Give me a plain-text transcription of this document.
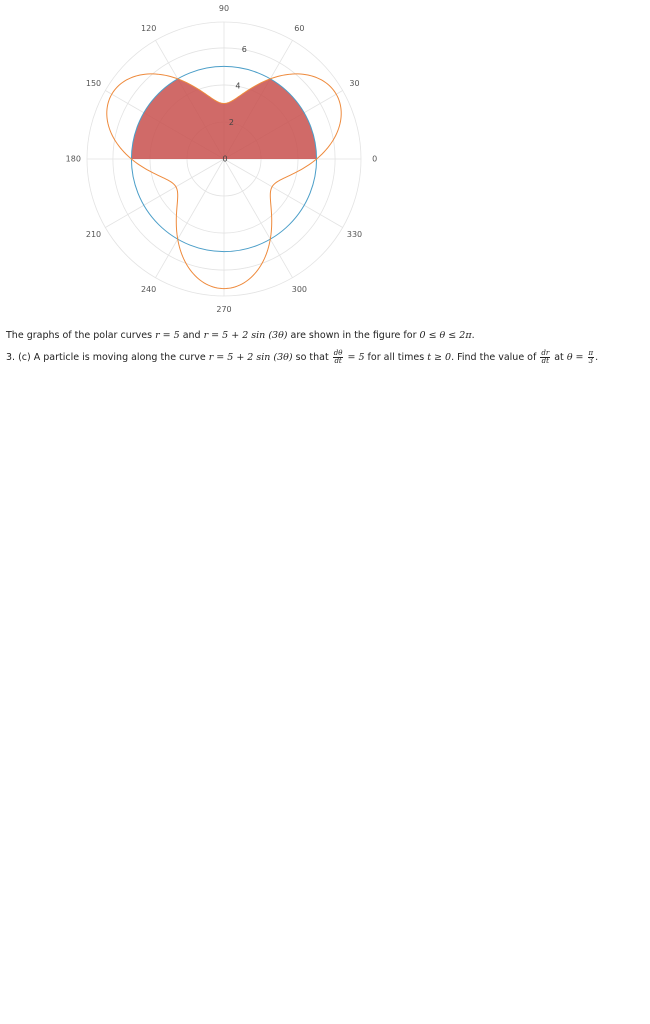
0
30
60
90
120
150
180
210
240
270
300
330
0
2
4
6
The graphs of the polar curves r = 5 and r = 5 + 2 sin (3θ) are shown in the figure for 0 ≤ θ ≤ 2π.
3. (c) A particle is moving along the curve r = 5 + 2 sin (3θ) so that $\frac{d\theta}{dt} = 5$ for all times t ≥ 0. Find the value of $\frac{dr}{dt}$ at $\theta = \frac{\pi}{3}$ .
